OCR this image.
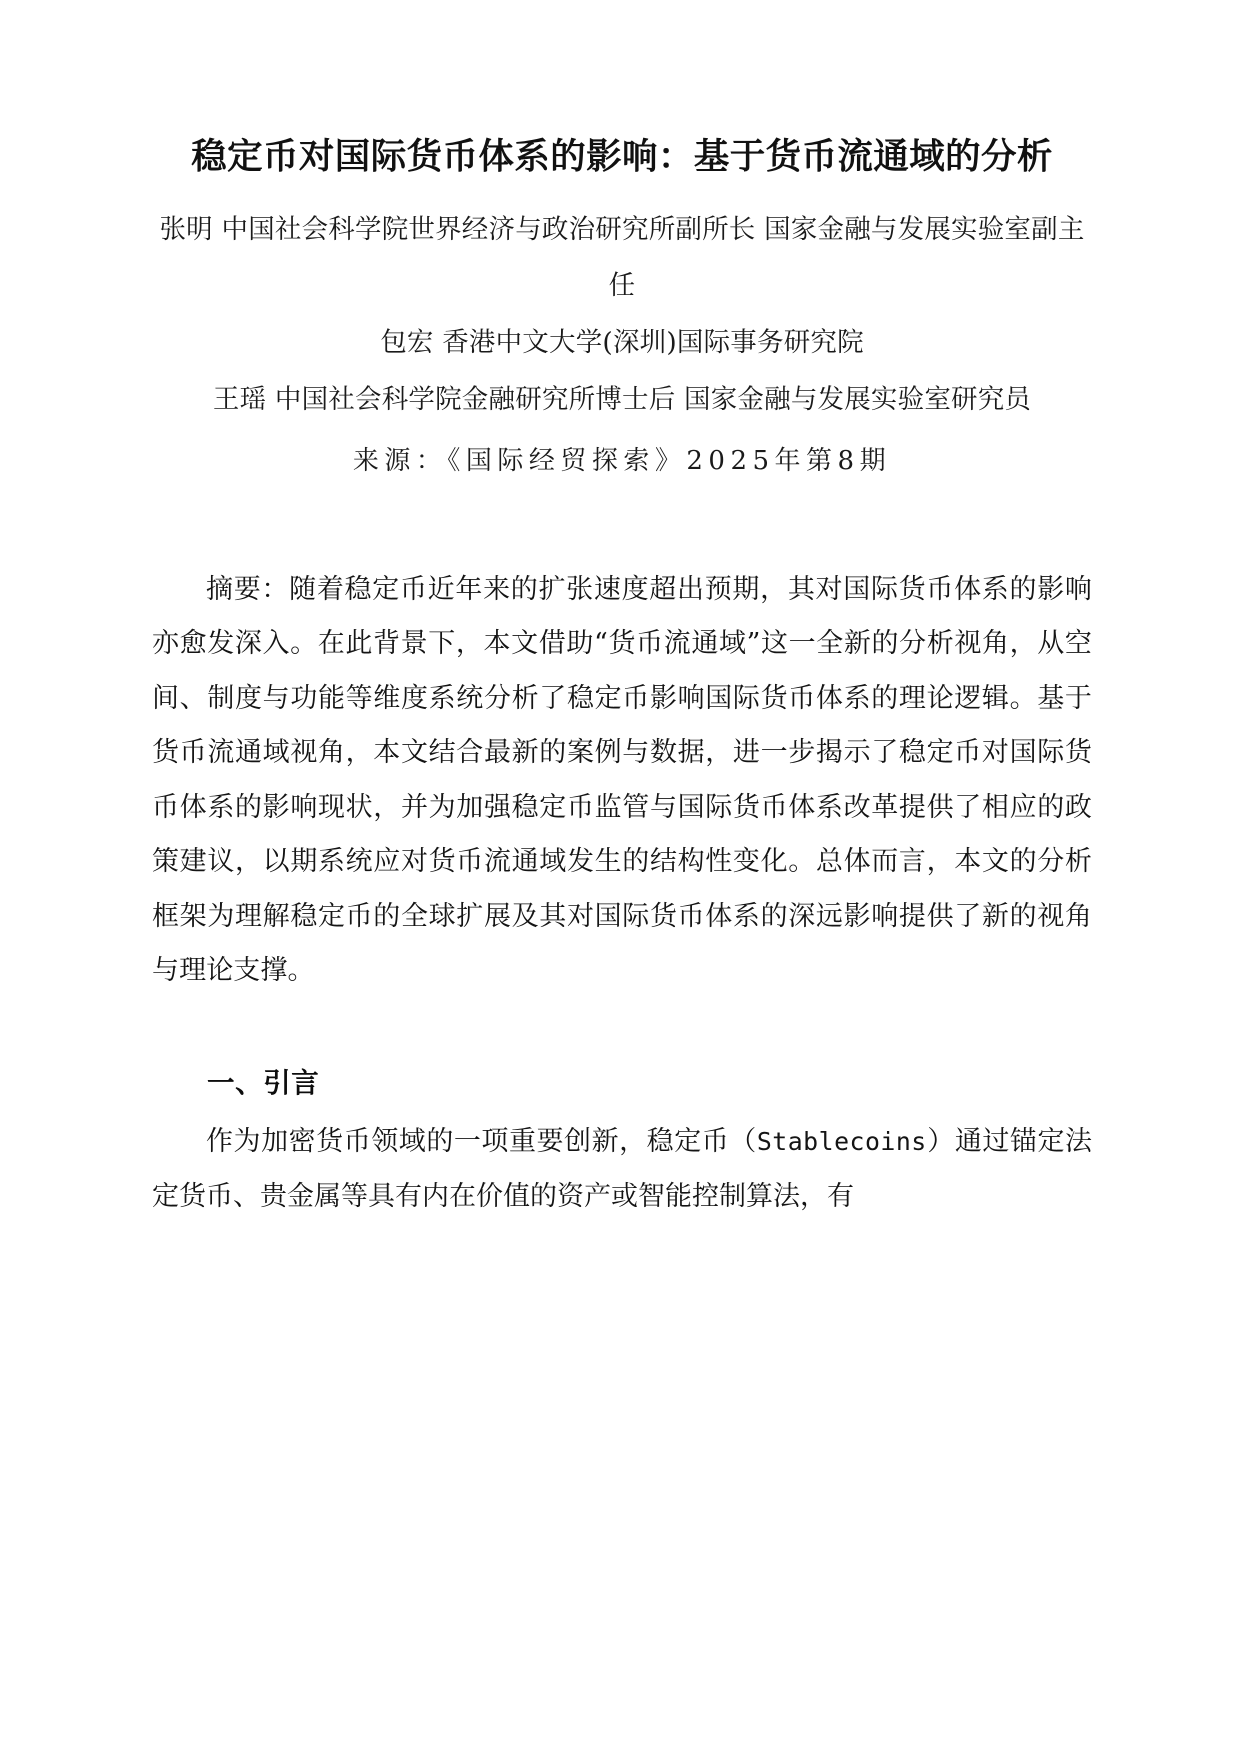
稳定币对国际货币体系的影响：基于货币流通域的分析
张明 中国社会科学院世界经济与政治研究所副所长 国家金融与发展实验室副主任
包宏 香港中文大学(深圳)国际事务研究院
王瑶 中国社会科学院金融研究所博士后 国家金融与发展实验室研究员
来源：《国际经贸探索》2025年第8期

摘要：随着稳定币近年来的扩张速度超出预期，其对国际货币体系的影响亦愈发深入。在此背景下，本文借助“货币流通域”这一全新的分析视角，从空间、制度与功能等维度系统分析了稳定币影响国际货币体系的理论逻辑。基于货币流通域视角，本文结合最新的案例与数据，进一步揭示了稳定币对国际货币体系的影响现状，并为加强稳定币监管与国际货币体系改革提供了相应的政策建议，以期系统应对货币流通域发生的结构性变化。总体而言，本文的分析框架为理解稳定币的全球扩展及其对国际货币体系的深远影响提供了新的视角与理论支撑。

一、引言

作为加密货币领域的一项重要创新，稳定币（Stablecoins）通过锚定法定货币、贵金属等具有内在价值的资产或智能控制算法，有
